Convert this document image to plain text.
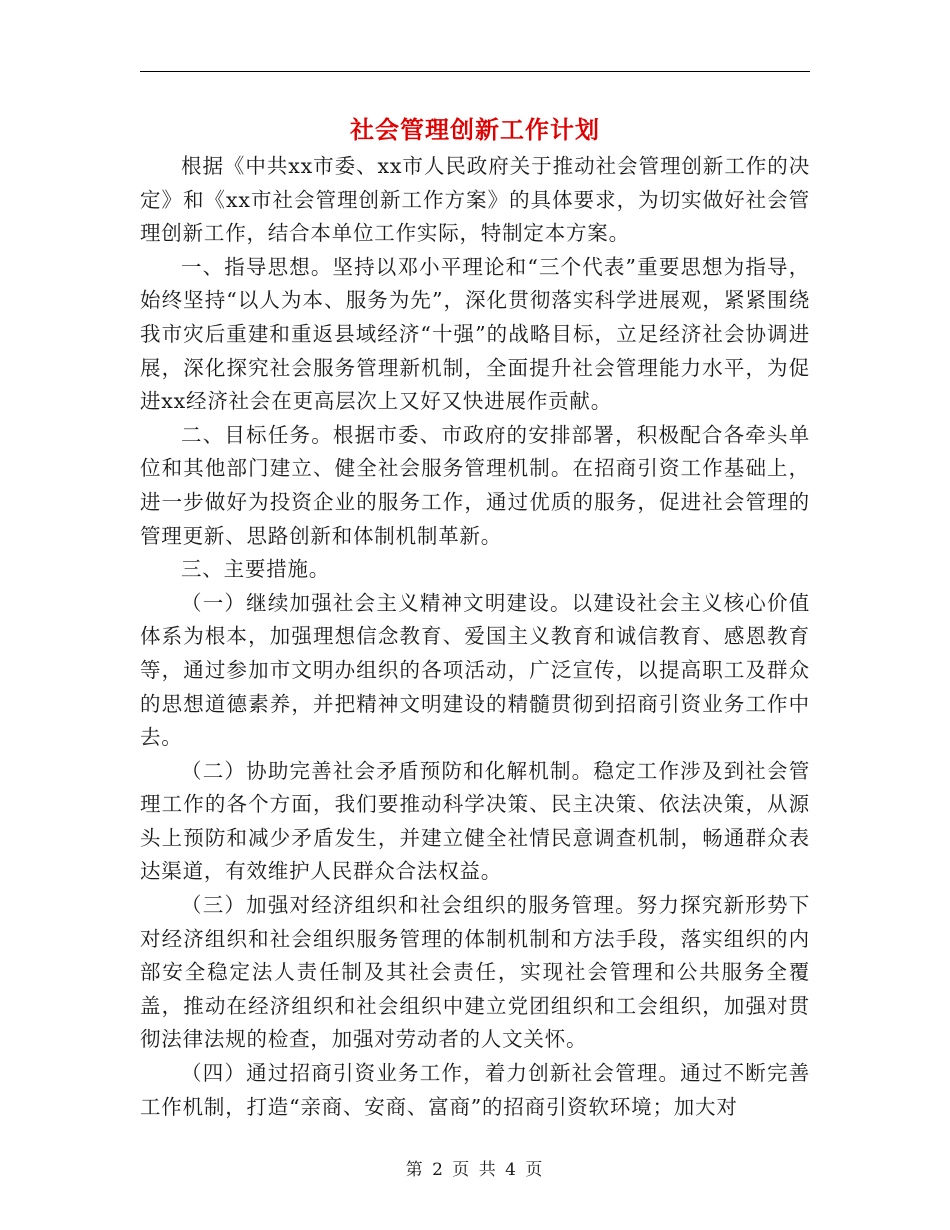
社会管理创新工作计划

根据《中共xx市委、xx市人民政府关于推动社会管理创新工作的决定》和《xx市社会管理创新工作方案》的具体要求，为切实做好社会管理创新工作，结合本单位工作实际，特制定本方案。

一、指导思想。坚持以邓小平理论和“三个代表”重要思想为指导，始终坚持“以人为本、服务为先”，深化贯彻落实科学进展观，紧紧围绕我市灾后重建和重返县域经济“十强”的战略目标，立足经济社会协调进展，深化探究社会服务管理新机制，全面提升社会管理能力水平，为促进xx经济社会在更高层次上又好又快进展作贡献。

二、目标任务。根据市委、市政府的安排部署，积极配合各牵头单位和其他部门建立、健全社会服务管理机制。在招商引资工作基础上，进一步做好为投资企业的服务工作，通过优质的服务，促进社会管理的管理更新、思路创新和体制机制革新。

三、主要措施。

（一）继续加强社会主义精神文明建设。以建设社会主义核心价值体系为根本，加强理想信念教育、爱国主义教育和诚信教育、感恩教育等，通过参加市文明办组织的各项活动，广泛宣传，以提高职工及群众的思想道德素养，并把精神文明建设的精髓贯彻到招商引资业务工作中去。

（二）协助完善社会矛盾预防和化解机制。稳定工作涉及到社会管理工作的各个方面，我们要推动科学决策、民主决策、依法决策，从源头上预防和减少矛盾发生，并建立健全社情民意调查机制，畅通群众表达渠道，有效维护人民群众合法权益。

（三）加强对经济组织和社会组织的服务管理。努力探究新形势下对经济组织和社会组织服务管理的体制机制和方法手段，落实组织的内部安全稳定法人责任制及其社会责任，实现社会管理和公共服务全覆盖，推动在经济组织和社会组织中建立党团组织和工会组织，加强对贯彻法律法规的检查，加强对劳动者的人文关怀。

（四）通过招商引资业务工作，着力创新社会管理。通过不断完善工作机制，打造“亲商、安商、富商”的招商引资软环境；加大对

第 2 页 共 4 页
